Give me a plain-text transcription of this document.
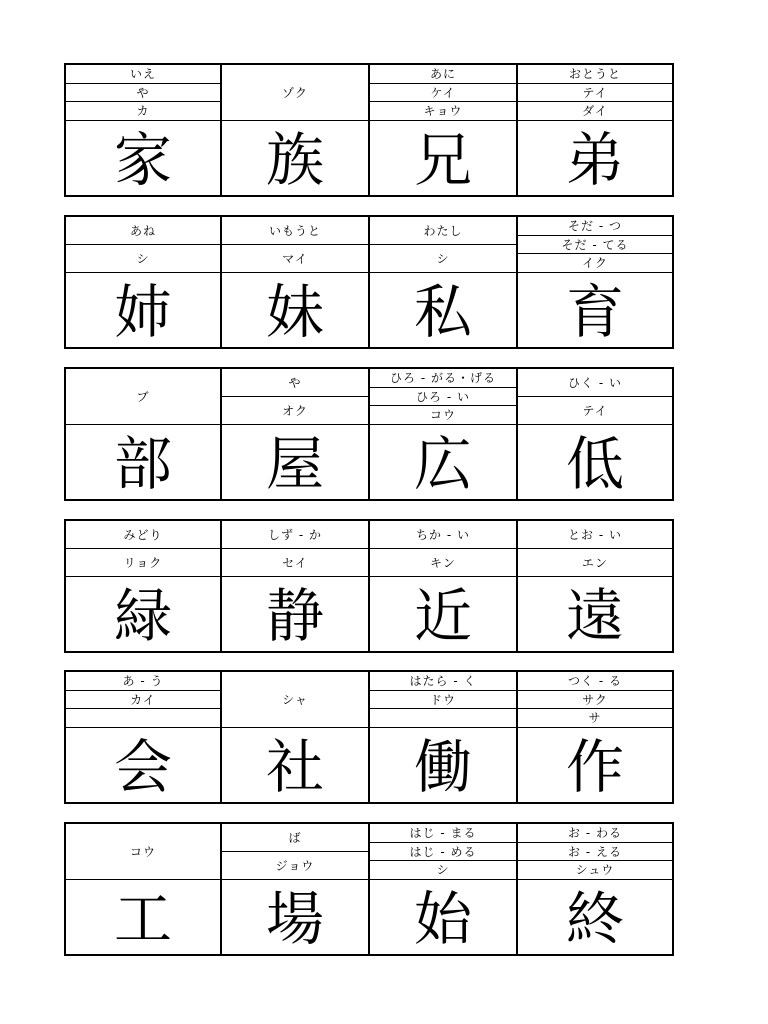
いえ
や
カ
家
ゾク
族
あに
ケイ
キョウ
兄
おとうと
テイ
ダイ
弟
あね
シ
姉
いもうと
マイ
妹
わたし
シ
私
そだ - つ
そだ - てる
イク
育
ブ
部
や
オク
屋
ひろ - がる・げる
ひろ - い
コウ
広
ひく - い
テイ
低
みどり
リョク
緑
しず - か
セイ
静
ちか - い
キン
近
とお - い
エン
遠
あ - う
カイ
会
シャ
社
はたら - く
ドウ
働
つく - る
サク
サ
作
コウ
工
ば
ジョウ
場
はじ - まる
はじ - める
シ
始
お - わる
お - える
シュウ
終
